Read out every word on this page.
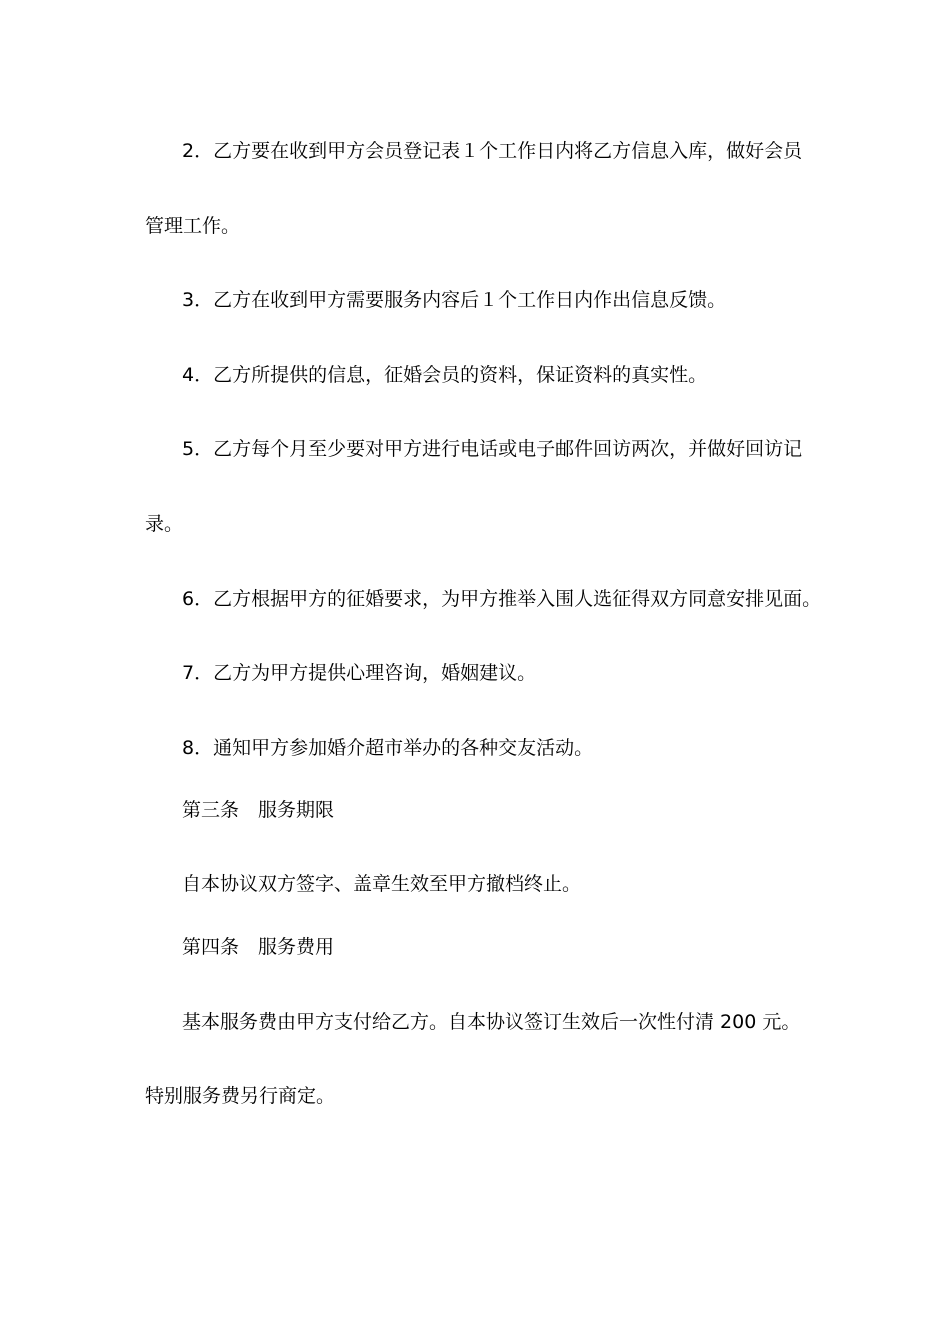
2．乙方要在收到甲方会员登记表１个工作日内将乙方信息入库，做好会员
管理工作。
3．乙方在收到甲方需要服务内容后１个工作日内作出信息反馈。
4．乙方所提供的信息，征婚会员的资料，保证资料的真实性。
5．乙方每个月至少要对甲方进行电话或电子邮件回访两次，并做好回访记
录。
6．乙方根据甲方的征婚要求，为甲方推举入围人选征得双方同意安排见面。
7．乙方为甲方提供心理咨询，婚姻建议。
8．通知甲方参加婚介超市举办的各种交友活动。
第三条　服务期限
自本协议双方签字、盖章生效至甲方撤档终止。
第四条　服务费用
基本服务费由甲方支付给乙方。自本协议签订生效后一次性付清 200 元。
特别服务费另行商定。
